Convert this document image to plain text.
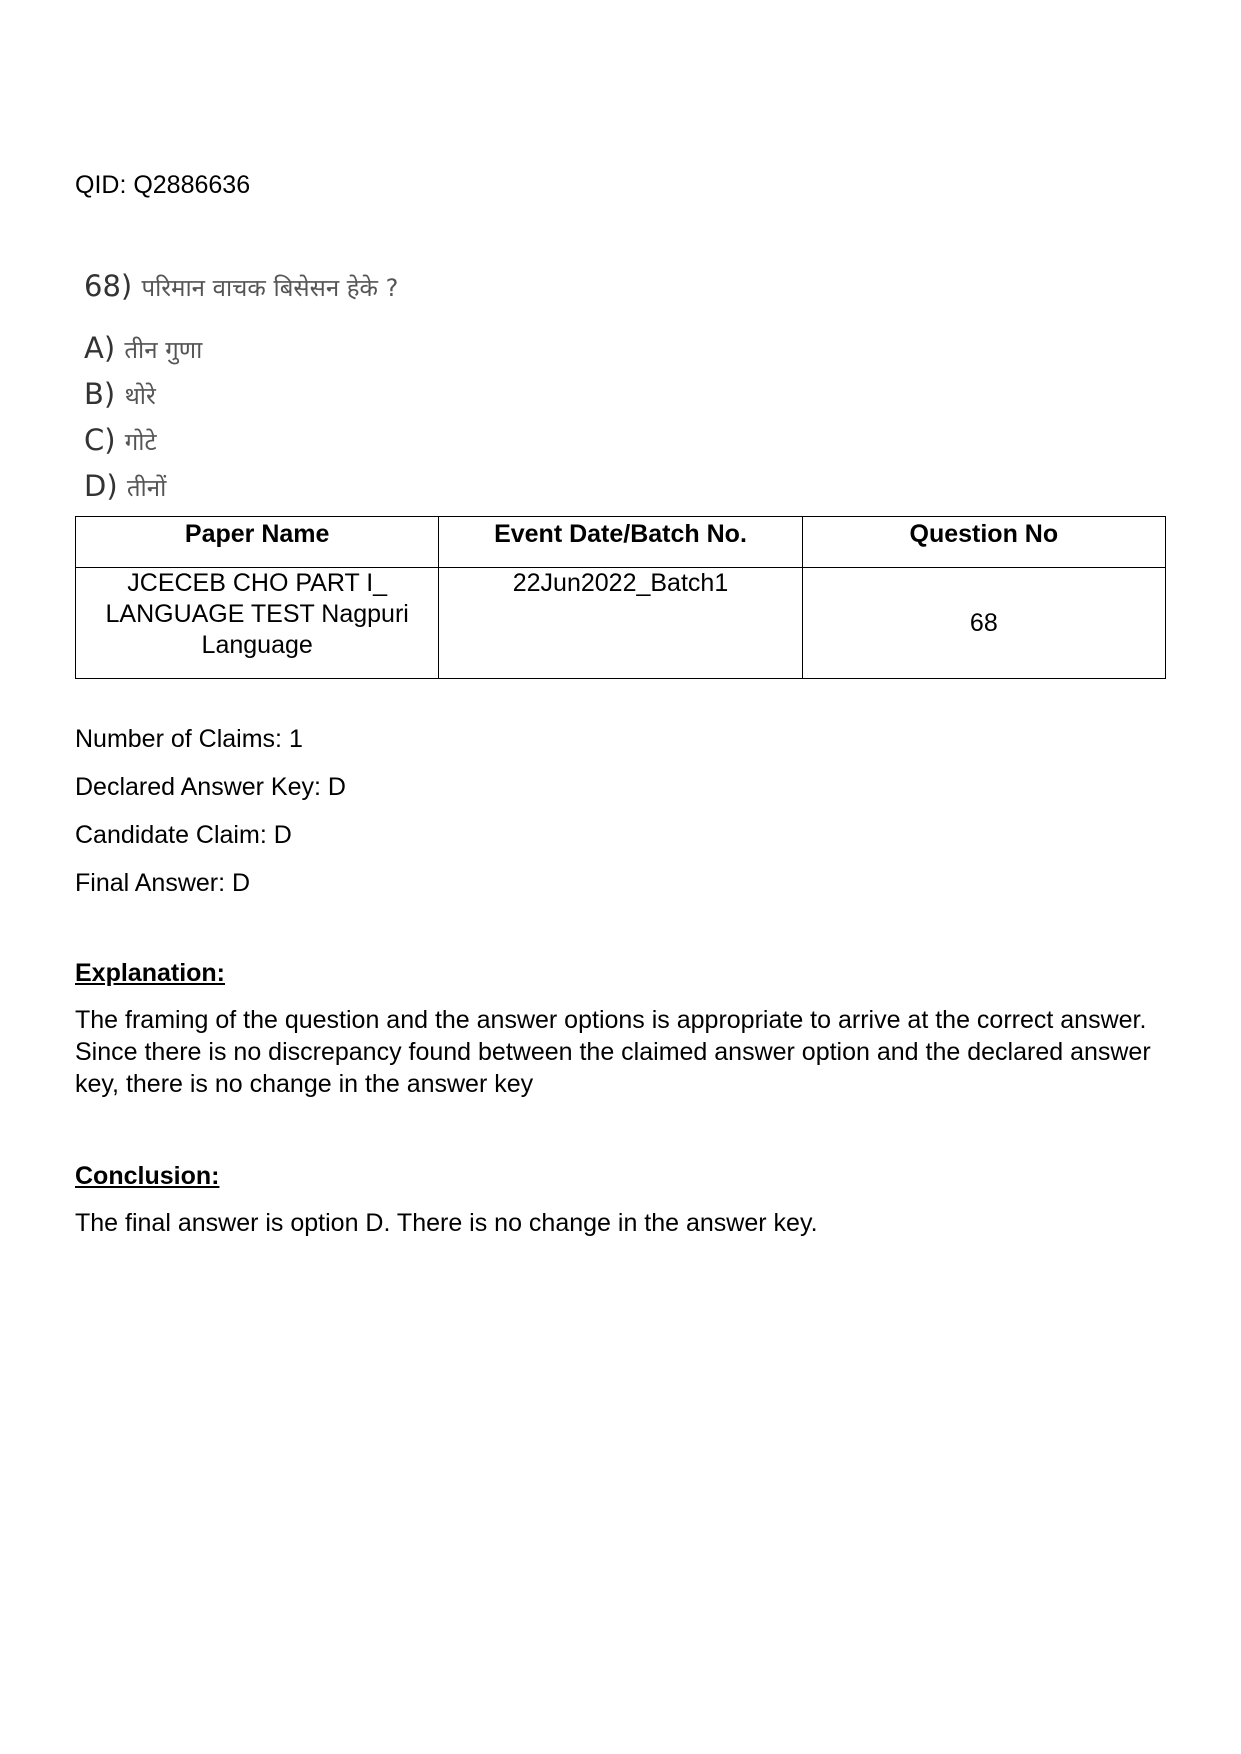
QID: Q2886636
68) परिमान वाचक बिसेसन हेके ?
A) तीन गुणा
B) थोरे
C) गोटे
D) तीनों
Paper Name	Event Date/Batch No.	Question No

JCECEB CHO PART I_
LANGUAGE TEST Nagpuri
Language	22Jun2022_Batch1	68
Number of Claims: 1
Declared Answer Key: D
Candidate Claim: D
Final Answer: D
Explanation:
The framing of the question and the answer options is appropriate to arrive at the correct answer.
Since there is no discrepancy found between the claimed answer option and the declared answer
key, there is no change in the answer key
Conclusion:
The final answer is option D. There is no change in the answer key.
